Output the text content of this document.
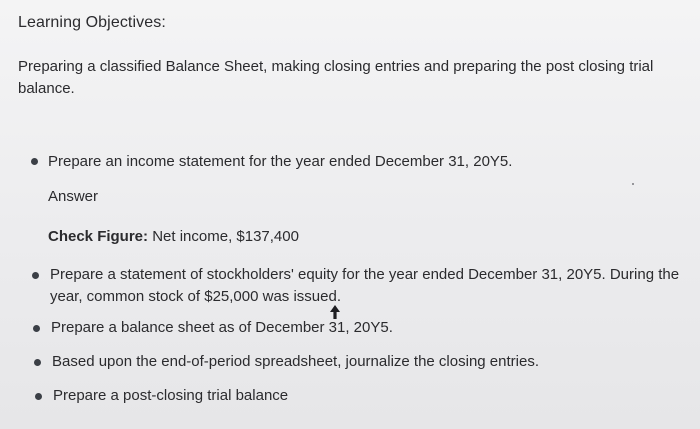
Learning Objectives:
Preparing a classified Balance Sheet, making closing entries and preparing the post closing trial balance.
Prepare an income statement for the year ended December 31, 20Y5.
Answer
Check Figure: Net income, $137,400
Prepare a statement of stockholders' equity for the year ended December 31, 20Y5. During the year, common stock of $25,000 was issued.
Prepare a balance sheet as of December 31, 20Y5.
Based upon the end-of-period spreadsheet, journalize the closing entries.
Prepare a post-closing trial balance
